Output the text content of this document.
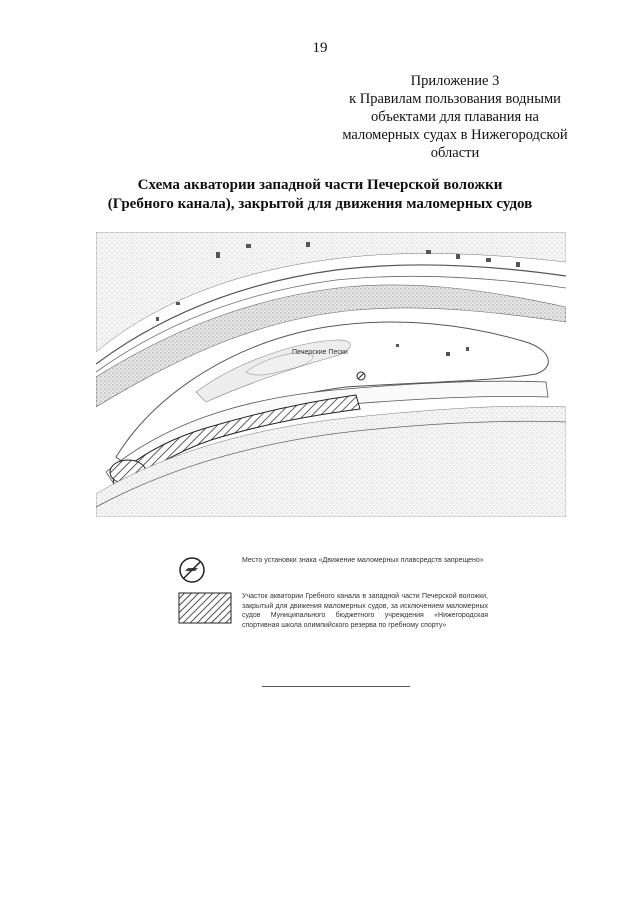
19
Приложение 3
к Правилам пользования водными
объектами для плавания на
маломерных судах в Нижегородской
области
Схема акватории западной части Печерской воложки
(Гребного канала), закрытой для движения маломерных судов
Печерские Пески
Место установки знака «Движение маломерных плавсредств запрещено»
Участок акватории Гребного канала в западной части Печерской воложки, закрытый для движения маломерных судов, за исключением маломерных судов Муниципального бюджетного учреждения «Нижегородская спортивная школа олимпийского резерва по гребному спорту»
